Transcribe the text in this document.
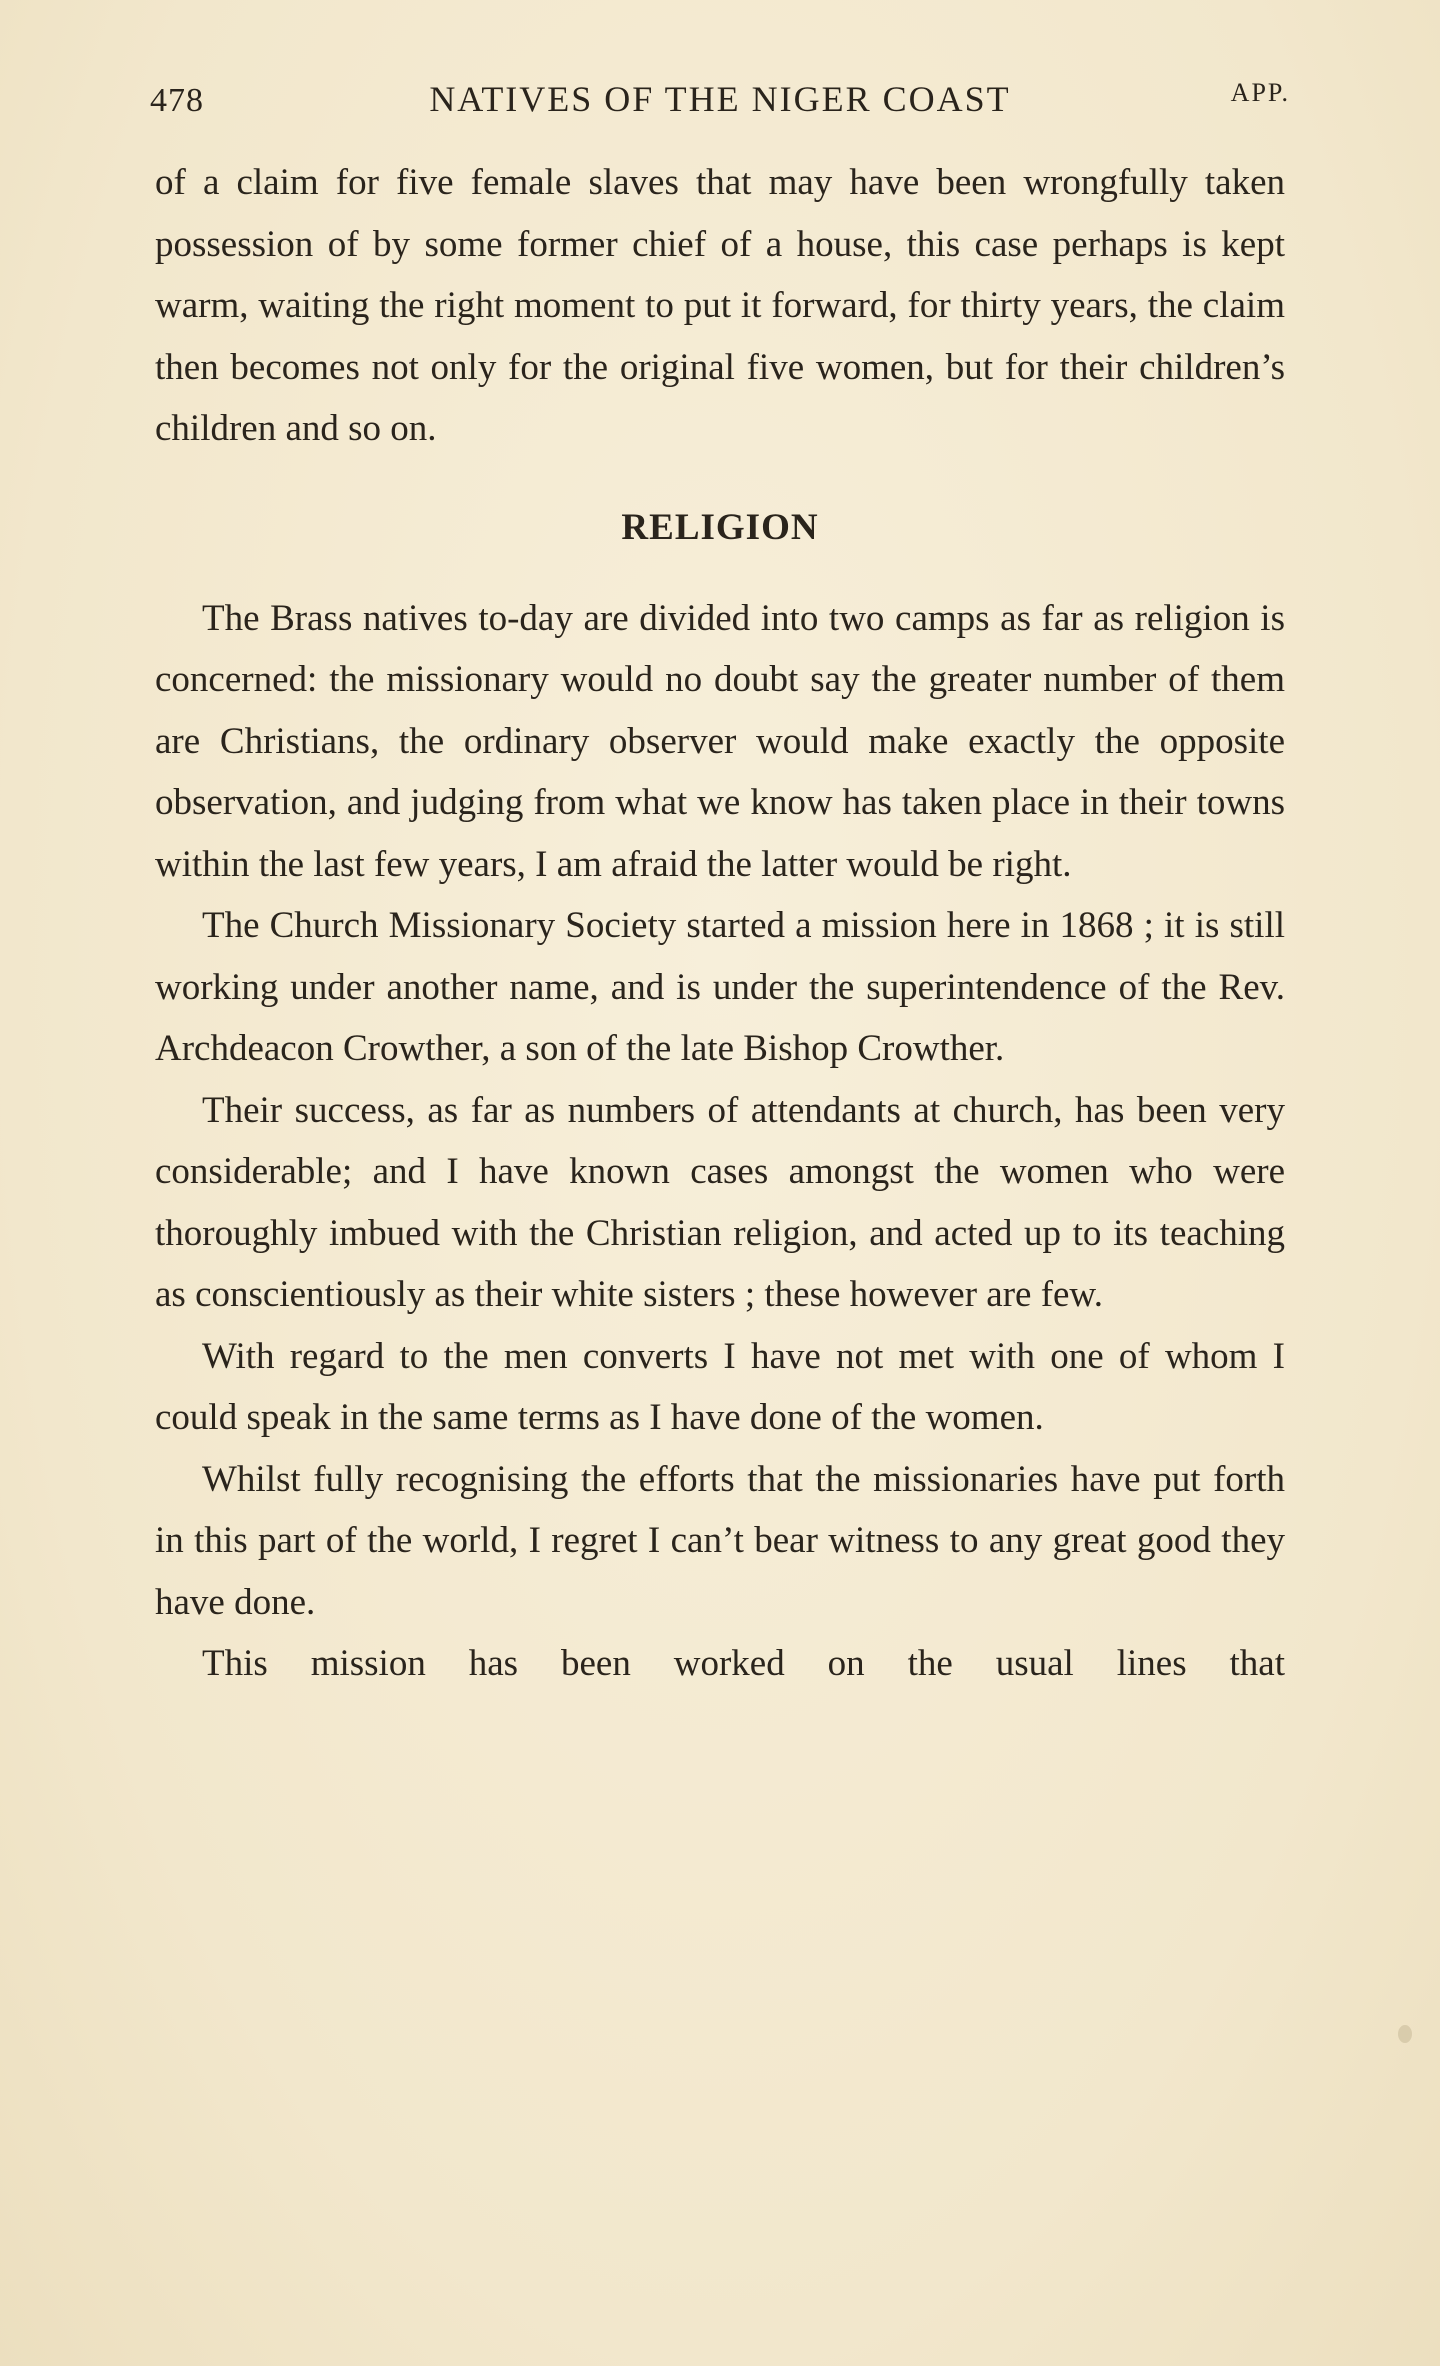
478	NATIVES OF THE NIGER COAST	APP.

of a claim for five female slaves that may have been wrongfully taken possession of by some former chief of a house, this case perhaps is kept warm, waiting the right moment to put it forward, for thirty years, the claim then becomes not only for the original five women, but for their children’s children and so on.

RELIGION

The Brass natives to-day are divided into two camps as far as religion is concerned: the missionary would no doubt say the greater number of them are Christians, the ordinary observer would make exactly the opposite observation, and judging from what we know has taken place in their towns within the last few years, I am afraid the latter would be right.

The Church Missionary Society started a mission here in 1868 ; it is still working under another name, and is under the superintendence of the Rev. Archdeacon Crowther, a son of the late Bishop Crowther.

Their success, as far as numbers of attendants at church, has been very considerable; and I have known cases amongst the women who were thoroughly imbued with the Christian religion, and acted up to its teaching as conscientiously as their white sisters ; these however are few.

With regard to the men converts I have not met with one of whom I could speak in the same terms as I have done of the women.

Whilst fully recognising the efforts that the missionaries have put forth in this part of the world, I regret I can’t bear witness to any great good they have done.

This mission has been worked on the usual lines that
